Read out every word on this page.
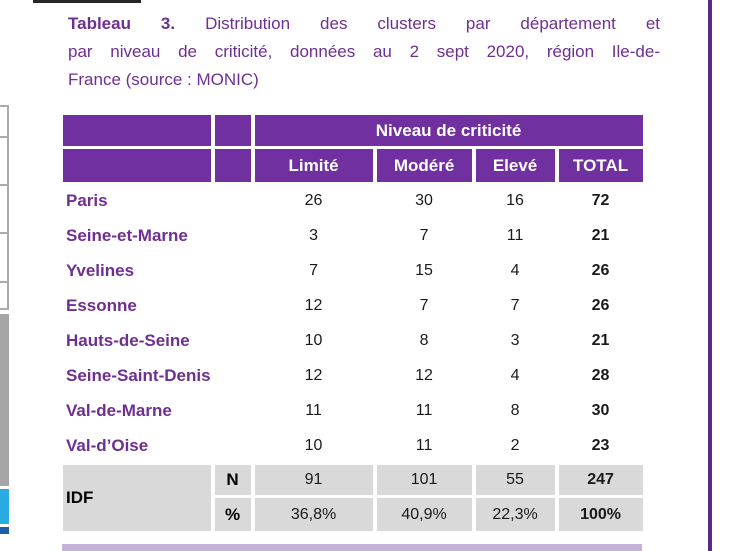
Tableau 3. Distribution des clusters par département et
par niveau de criticité, données au 2 sept 2020, région Ile-de-
France (source : MONIC)
		Niveau de criticité			
		Limité	Modéré	Elevé	TOTAL
Paris		26	30	16	72
Seine-et-Marne		3	7	11	21
Yvelines		7	15	4	26
Essonne		12	7	7	26
Hauts-de-Seine		10	8	3	21
Seine-Saint-Denis		12	12	4	28
Val-de-Marne		11	11	8	30
Val-d’Oise		10	11	2	23
IDF	N	91	101	55	247
	%	36,8%	40,9%	22,3%	100%
